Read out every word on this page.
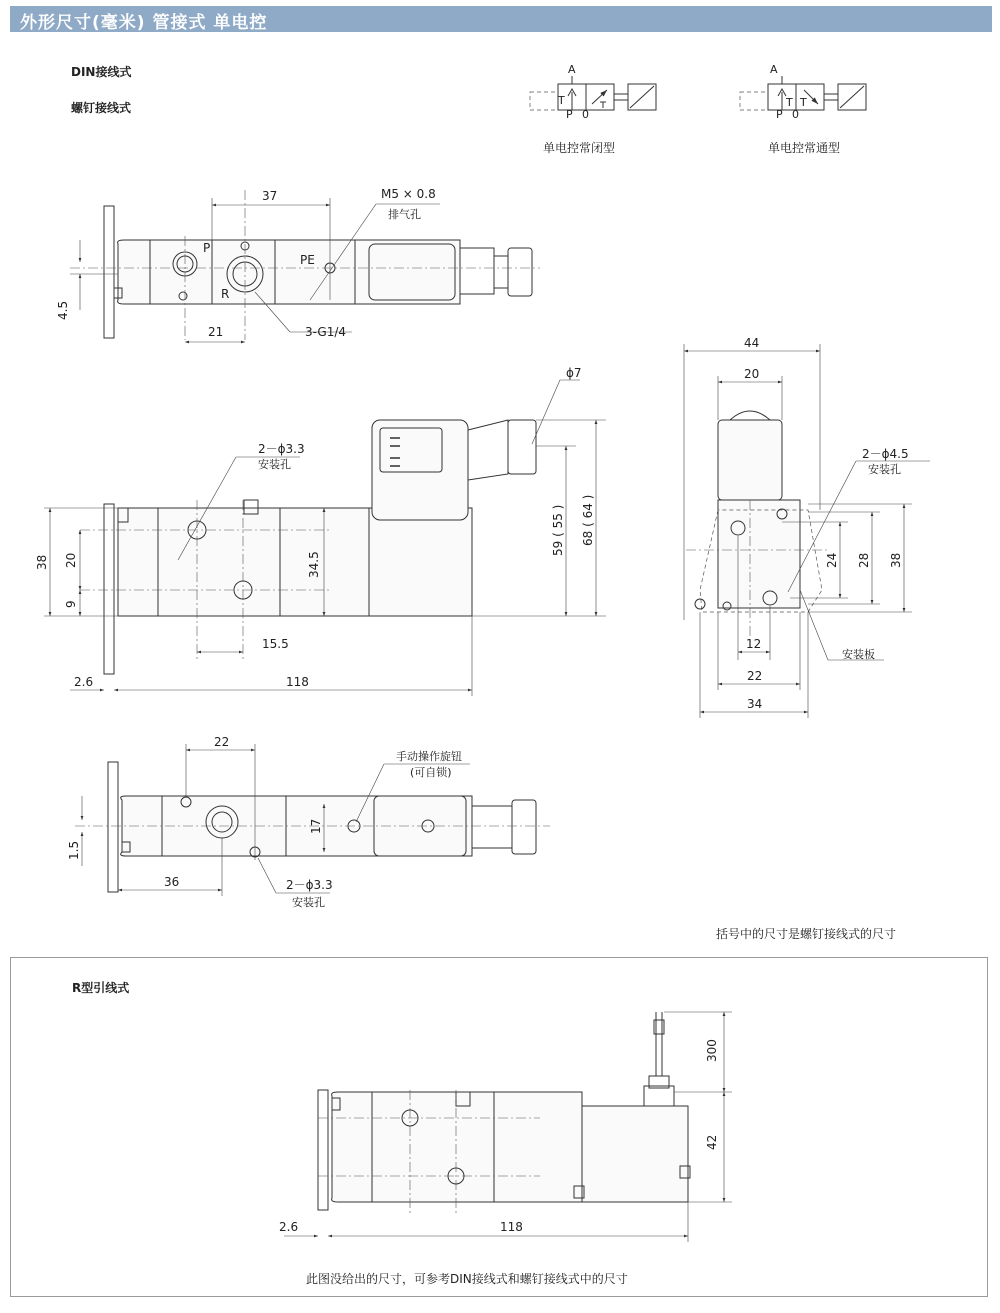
外形尺寸(毫米) 管接式 单电控
DIN接线式
螺钉接线式
A
P 0
T
单电控常闭型
A
P 0
T T
单电控常通型
37	M5 × 0.8
排气孔
P
R
PE
4.5
21	3-G1/4
38 20
9
34.5
15.5
2.6	118
59 ( 55 ) 68 ( 64 )
ϕ7
2－ϕ3.3
安装孔
44
20
2－ϕ4.5
安装孔
24 28 38
12
22
34
安装板
22
17
手动操作旋钮
(可自锁)
1.5
36	2－ϕ3.3
安装孔
括号中的尺寸是螺钉接线式的尺寸
R型引线式
300
42
2.6	118
此图没给出的尺寸，可参考DIN接线式和螺钉接线式中的尺寸
